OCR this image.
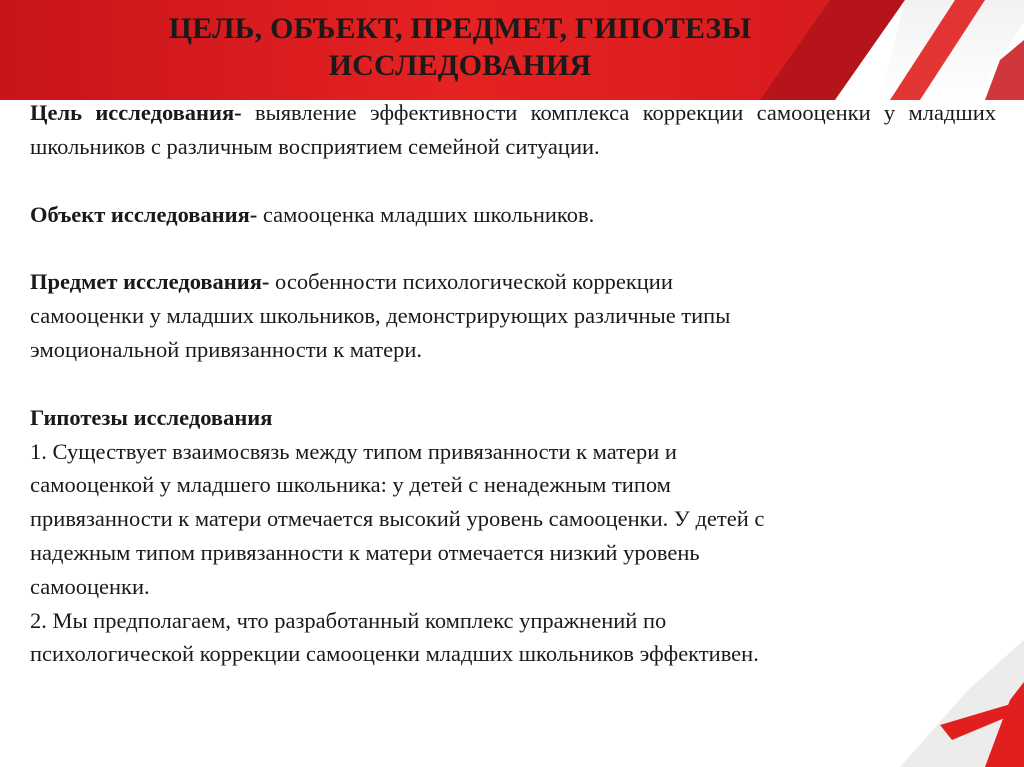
ЦЕЛЬ, ОБЪЕКТ, ПРЕДМЕТ, ГИПОТЕЗЫ
ИССЛЕДОВАНИЯ

Цель исследования- выявление эффективности комплекса коррекции самооценки у младших школьников с различным восприятием семейной ситуации.

Объект исследования- самооценка младших школьников.

Предмет исследования- особенности психологической коррекции
самооценки у младших школьников, демонстрирующих различные типы
эмоциональной привязанности к матери.

Гипотезы исследования
1. Существует взаимосвязь между типом привязанности к матери и
самооценкой у младшего школьника: у детей с ненадежным типом
привязанности к матери отмечается высокий уровень самооценки. У детей с
надежным типом привязанности к матери отмечается низкий уровень
самооценки.
2. Мы предполагаем, что разработанный комплекс упражнений по
психологической коррекции самооценки младших школьников эффективен.
